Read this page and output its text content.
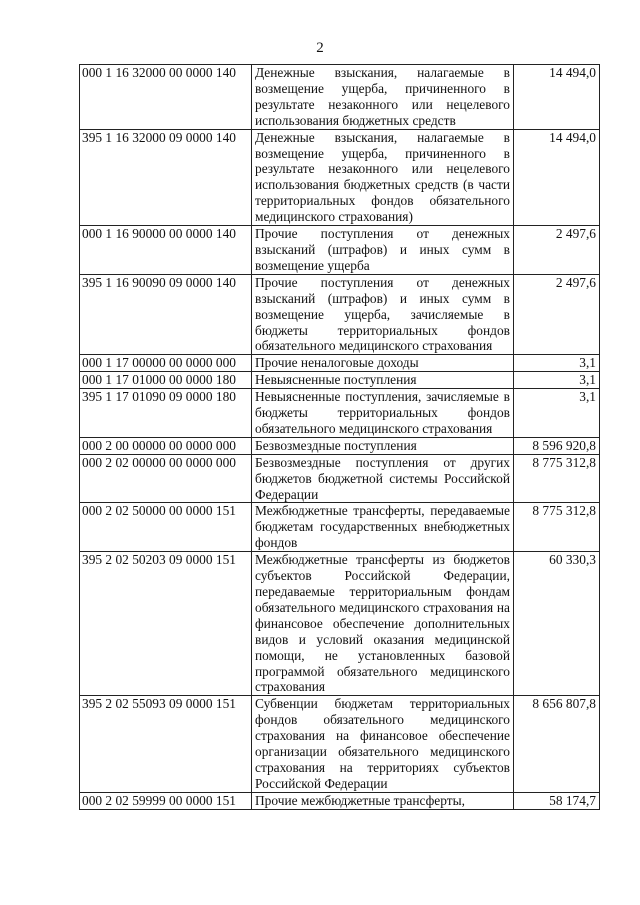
2
000 1 16 32000 00 0000 140	Денежные взыскания, налагаемые в возмещение ущерба, причиненного в результате незаконного или нецелевого использования бюджетных средств	14 494,0
395 1 16 32000 09 0000 140	Денежные взыскания, налагаемые в возмещение ущерба, причиненного в результате незаконного или нецелевого использования бюджетных средств (в части территориальных фондов обязательного медицинского страхования)	14 494,0
000 1 16 90000 00 0000 140	Прочие поступления от денежных взысканий (штрафов) и иных сумм в возмещение ущерба	2 497,6
395 1 16 90090 09 0000 140	Прочие поступления от денежных взысканий (штрафов) и иных сумм в возмещение ущерба, зачисляемые в бюджеты территориальных фондов обязательного медицинского страхования	2 497,6
000 1 17 00000 00 0000 000	Прочие неналоговые доходы	3,1
000 1 17 01000 00 0000 180	Невыясненные поступления	3,1
395 1 17 01090 09 0000 180	Невыясненные поступления, зачисляемые в бюджеты территориальных фондов обязательного медицинского страхования	3,1
000 2 00 00000 00 0000 000	Безвозмездные поступления	8 596 920,8
000 2 02 00000 00 0000 000	Безвозмездные поступления от других бюджетов бюджетной системы Российской Федерации	8 775 312,8
000 2 02 50000 00 0000 151	Межбюджетные трансферты, передаваемые бюджетам государственных внебюджетных фондов	8 775 312,8
395 2 02 50203 09 0000 151	Межбюджетные трансферты из бюджетов субъектов Российской Федерации, передаваемые территориальным фондам обязательного медицинского страхования на финансовое обеспечение дополнительных видов и условий оказания медицинской помощи, не установленных базовой программой обязательного медицинского страхования	60 330,3
395 2 02 55093 09 0000 151	Субвенции бюджетам территориальных фондов обязательного медицинского страхования на финансовое обеспечение организации обязательного медицинского страхования на территориях субъектов Российской Федерации	8 656 807,8
000 2 02 59999 00 0000 151	Прочие межбюджетные трансферты,	58 174,7
